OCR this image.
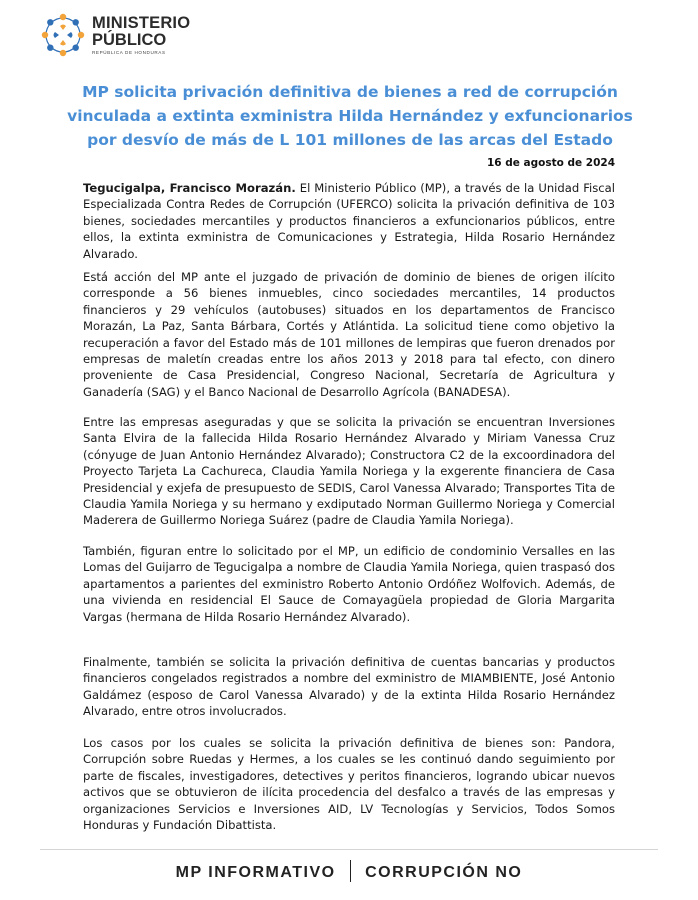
MINISTERIO
PÚBLICO
REPÚBLICA DE HONDURAS
MP solicita privación definitiva de bienes a red de corrupción vinculada a extinta exministra Hilda Hernández y exfuncionarios por desvío de más de L 101 millones de las arcas del Estado
16 de agosto de 2024

Tegucigalpa, Francisco Morazán. El Ministerio Público (MP), a través de la Unidad Fiscal Especializada Contra Redes de Corrupción (UFERCO) solicita la privación definitiva de 103 bienes, sociedades mercantiles y productos financieros a exfuncionarios públicos, entre ellos, la extinta exministra de Comunicaciones y Estrategia, Hilda Rosario Hernández Alvarado.

Está acción del MP ante el juzgado de privación de dominio de bienes de origen ilícito corresponde a 56 bienes inmuebles, cinco sociedades mercantiles, 14 productos financieros y 29 vehículos (autobuses) situados en los departamentos de Francisco Morazán, La Paz, Santa Bárbara, Cortés y Atlántida. La solicitud tiene como objetivo la recuperación a favor del Estado más de 101 millones de lempiras que fueron drenados por empresas de maletín creadas entre los años 2013 y 2018 para tal efecto, con dinero proveniente de Casa Presidencial, Congreso Nacional, Secretaría de Agricultura y Ganadería (SAG) y el Banco Nacional de Desarrollo Agrícola (BANADESA).

Entre las empresas aseguradas y que se solicita la privación se encuentran Inversiones Santa Elvira de la fallecida Hilda Rosario Hernández Alvarado y Miriam Vanessa Cruz (cónyuge de Juan Antonio Hernández Alvarado); Constructora C2 de la excoordinadora del Proyecto Tarjeta La Cachureca, Claudia Yamila Noriega y la exgerente financiera de Casa Presidencial y exjefa de presupuesto de SEDIS, Carol Vanessa Alvarado; Transportes Tita de Claudia Yamila Noriega y su hermano y exdiputado Norman Guillermo Noriega y Comercial Maderera de Guillermo Noriega Suárez (padre de Claudia Yamila Noriega).

También, figuran entre lo solicitado por el MP, un edificio de condominio Versalles en las Lomas del Guijarro de Tegucigalpa a nombre de Claudia Yamila Noriega, quien traspasó dos apartamentos a parientes del exministro Roberto Antonio Ordóñez Wolfovich. Además, de una vivienda en residencial El Sauce de Comayagüela propiedad de Gloria Margarita Vargas (hermana de Hilda Rosario Hernández Alvarado).

Finalmente, también se solicita la privación definitiva de cuentas bancarias y productos financieros congelados registrados a nombre del exministro de MIAMBIENTE, José Antonio Galdámez (esposo de Carol Vanessa Alvarado) y de la extinta Hilda Rosario Hernández Alvarado, entre otros involucrados.

Los casos por los cuales se solicita la privación definitiva de bienes son: Pandora, Corrupción sobre Ruedas y Hermes, a los cuales se les continuó dando seguimiento por parte de fiscales, investigadores, detectives y peritos financieros, logrando ubicar nuevos activos que se obtuvieron de ilícita procedencia del desfalco a través de las empresas y organizaciones Servicios e Inversiones AID, LV Tecnologías y Servicios, Todos Somos Honduras y Fundación Dibattista.

MP INFORMATIVO CORRUPCIÓN NO
